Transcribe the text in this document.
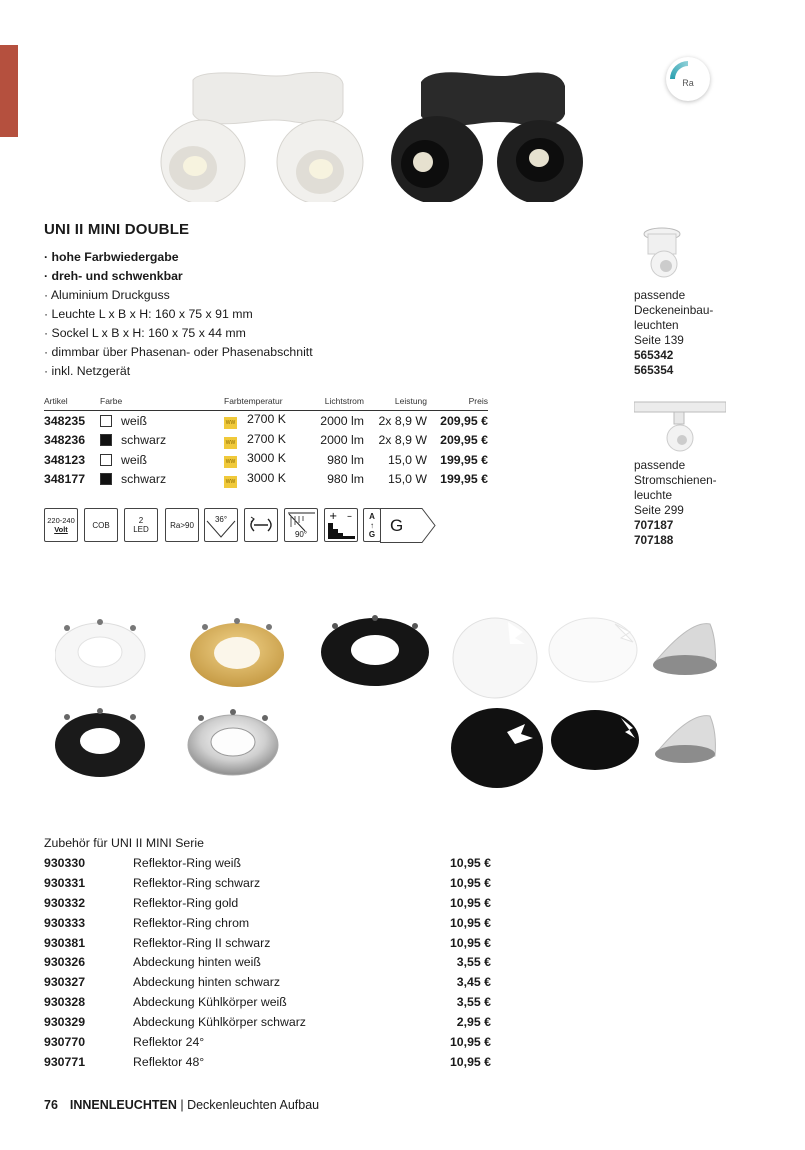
Ra
UNI II MINI DOUBLE
· hohe Farbwiedergabe
· dreh- und schwenkbar
· Aluminium Druckguss
· Leuchte L x B x H: 160 x 75 x 91 mm
· Sockel L x B x H: 160 x 75 x 44 mm
· dimmbar über Phasenan- oder Phasenabschnitt
· inkl. Netzgerät
Artikel	Farbe	Farbtemperatur	Lichtstrom	Leistung	Preis
348235	weiß	WW 2700 K	2000 lm	2x 8,9 W	209,95 €
348236	schwarz	WW 2700 K	2000 lm	2x 8,9 W	209,95 €
348123	weiß	WW 3000 K	980 lm	15,0 W	199,95 €
348177	schwarz	WW 3000 K	980 lm	15,0 W	199,95 €
220-240
Volt	COB	2
LED	Ra>90
36°
90°
+ – A
↑
G G
passende
Deckeneinbau-
leuchten
Seite 139
565342
565354
passende
Stromschienen-
leuchte
Seite 299
707187
707188
Zubehör für UNI II MINI Serie
930330	Reflektor-Ring weiß	10,95 €
930331	Reflektor-Ring schwarz	10,95 €
930332	Reflektor-Ring gold	10,95 €
930333	Reflektor-Ring chrom	10,95 €
930381	Reflektor-Ring II schwarz	10,95 €
930326	Abdeckung hinten weiß	3,55 €
930327	Abdeckung hinten schwarz	3,45 €
930328	Abdeckung Kühlkörper weiß	3,55 €
930329	Abdeckung Kühlkörper schwarz	2,95 €
930770	Reflektor 24°	10,95 €
930771	Reflektor 48°	10,95 €
76 INNENLEUCHTEN | Deckenleuchten Aufbau
